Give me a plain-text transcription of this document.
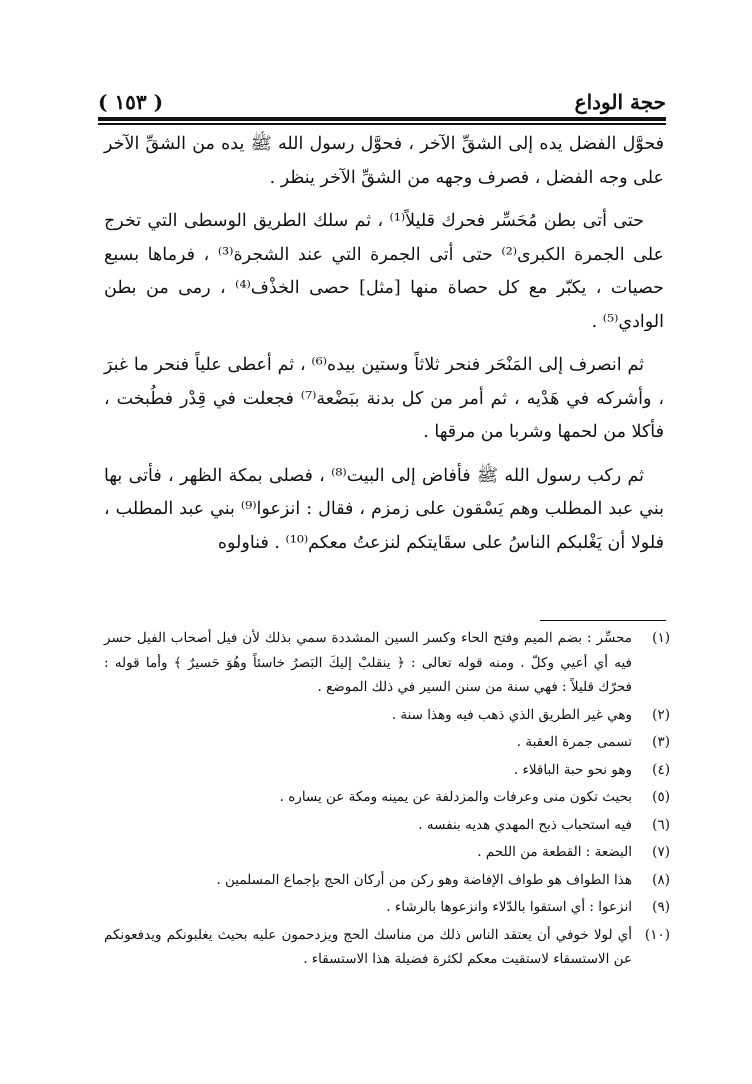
حجة الوداع
( ١٥٣ )

فحوَّل الفضل يده إلى الشقِّ الآخر ، فحوَّل رسول الله ﷺ يده من الشقِّ الآخر على وجه الفضل ، فصرف وجهه من الشقِّ الآخر ينظر .

حتى أتى بطن مُحَسِّر فحرك قليلاً⁽¹⁾ ، ثم سلك الطريق الوسطى التي تخرج على الجمرة الكبرى⁽²⁾ حتى أتى الجمرة التي عند الشجرة⁽³⁾ ، فرماها بسبع حصيات ، يكبّر مع كل حصاة منها [مثل] حصى الخذْف⁽⁴⁾ ، رمى من بطن الوادي⁽⁵⁾ .

ثم انصرف إلى المَنْحَر فنحر ثلاثاً وستين بيده⁽⁶⁾ ، ثم أعطى علياً فنحر ما غبرَ ، وأشركه في هَدْيه ، ثم أمر من كل بدنة ببَضْعة⁽⁷⁾ فجعلت في قِدْر فطُبخت ، فأكلا من لحمها وشربا من مرقها .

ثم ركب رسول الله ﷺ فأفاض إلى البيت⁽⁸⁾ ، فصلى بمكة الظهر ، فأتى بها بني عبد المطلب وهم يَسْقون على زمزم ، فقال : انزعوا⁽⁹⁾ بني عبد المطلب ، فلولا أن يَغْلبكم الناسُ على سقَايتكم لنزعتُ معكم⁽¹⁰⁾ . فناولوه

(١)
محسِّر : بضم الميم وفتح الحاء وكسر السين المشددة سمي بذلك لأن فيل أصحاب الفيل حسر فيه أي أعيي وكلّ . ومنه قوله تعالى : ﴿ ينقلبْ إليكَ البَصرُ خاسئاً وهُوَ حَسيرٌ ﴾ وأما قوله : فحرّك قليلاً : فهي سنة من سنن السير في ذلك الموضع .
(٢)
وهي غير الطريق الذي ذهب فيه وهذا سنة .
(٣)
تسمى جمرة العقبة .
(٤)
وهو نحو حبة الباقلاء .
(٥)
بحيث تكون منى وعرفات والمزدلفة عن يمينه ومكة عن يساره .
(٦)
فيه استحباب ذبح المهدي هديه بنفسه .
(٧)
البضعة : القطعة من اللحم .
(٨)
هذا الطواف هو طواف الإفاضة وهو ركن من أركان الحج بإجماع المسلمين .
(٩)
انزعوا : أي استقوا بالدّلاء وانزعوها بالرشاء .
(١٠)
أي لولا خوفي أن يعتقد الناس ذلك من مناسك الحج ويزدحمون عليه بحيث يغلبونكم ويدفعونكم عن الاستسقاء لاستقيت معكم لكثرة فضيلة هذا الاستسقاء .
